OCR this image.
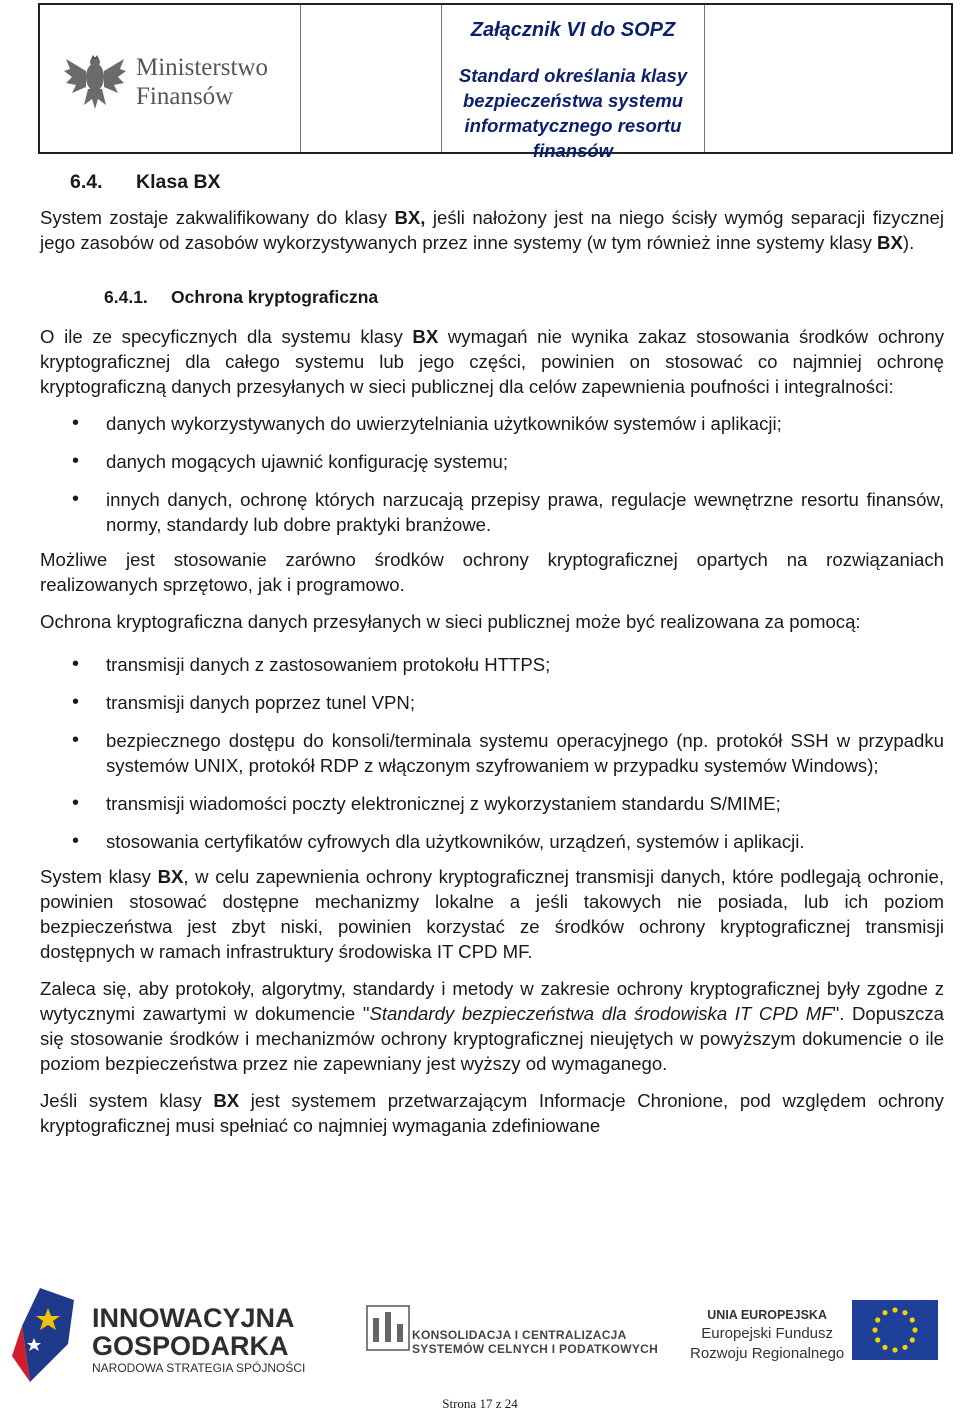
Ministerstwo
Finansów
Załącznik VI do SOPZ
Standard określania klasy
bezpieczeństwa systemu
informatycznego resortu finansów
6.4.	Klasa BX

System zostaje zakwalifikowany do klasy BX, jeśli nałożony jest na niego ścisły wymóg separacji fizycznej jego zasobów od zasobów wykorzystywanych przez inne systemy (w tym również inne systemy klasy BX).

6.4.1.	Ochrona kryptograficzna

O ile ze specyficznych dla systemu klasy BX wymagań nie wynika zakaz stosowania środków ochrony kryptograficznej dla całego systemu lub jego części, powinien on stosować co najmniej ochronę kryptograficzną danych przesyłanych w sieci publicznej dla celów zapewnienia poufności i integralności:

• danych wykorzystywanych do uwierzytelniania użytkowników systemów i aplikacji;
• danych mogących ujawnić konfigurację systemu;
• innych danych, ochronę których narzucają przepisy prawa, regulacje wewnętrzne resortu finansów, normy, standardy lub dobre praktyki branżowe.

Możliwe jest stosowanie zarówno środków ochrony kryptograficznej opartych na rozwiązaniach realizowanych sprzętowo, jak i programowo.

Ochrona kryptograficzna danych przesyłanych w sieci publicznej może być realizowana za pomocą:

• transmisji danych z zastosowaniem protokołu HTTPS;
• transmisji danych poprzez tunel VPN;
• bezpiecznego dostępu do konsoli/terminala systemu operacyjnego (np. protokół SSH w przypadku systemów UNIX, protokół RDP z włączonym szyfrowaniem w przypadku systemów Windows);
• transmisji wiadomości poczty elektronicznej z wykorzystaniem standardu S/MIME;
• stosowania certyfikatów cyfrowych dla użytkowników, urządzeń, systemów i aplikacji.

System klasy BX, w celu zapewnienia ochrony kryptograficznej transmisji danych, które podlegają ochronie, powinien stosować dostępne mechanizmy lokalne a jeśli takowych nie posiada, lub ich poziom bezpieczeństwa jest zbyt niski, powinien korzystać ze środków ochrony kryptograficznej transmisji dostępnych w ramach infrastruktury środowiska IT CPD MF.

Zaleca się, aby protokoły, algorytmy, standardy i metody w zakresie ochrony kryptograficznej były zgodne z wytycznymi zawartymi w dokumencie "Standardy bezpieczeństwa dla środowiska IT CPD MF". Dopuszcza się stosowanie środków i mechanizmów ochrony kryptograficznej nieujętych w powyższym dokumencie o ile poziom bezpieczeństwa przez nie zapewniany jest wyższy od wymaganego.

Jeśli system klasy BX jest systemem przetwarzającym Informacje Chronione, pod względem ochrony kryptograficznej musi spełniać co najmniej wymagania zdefiniowane

INNOWACYJNA
GOSPODARKA
NARODOWA STRATEGIA SPÓJNOŚCI
KONSOLIDACJA I CENTRALIZACJA
SYSTEMÓW CELNYCH I PODATKOWYCH
UNIA EUROPEJSKA
Europejski Fundusz
Rozwoju Regionalnego
Strona 17 z 24
